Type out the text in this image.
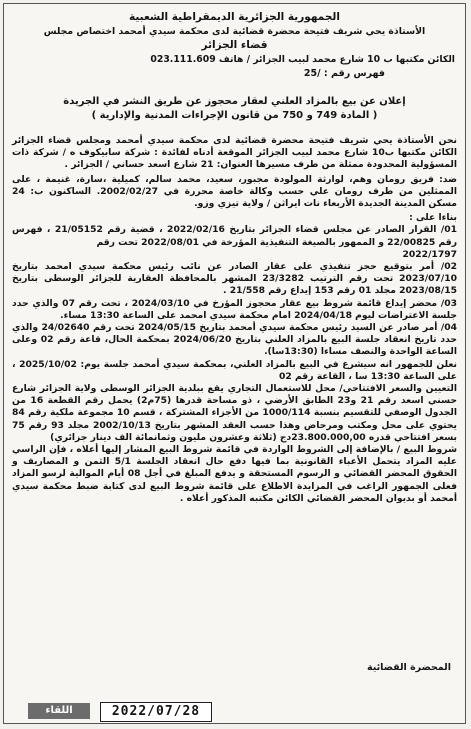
الجمهورية الجزائرية الديمقراطية الشعبية
الأستاذة يحي شريف فتيحة محضرة قضائية لدى محكمة سيدي أمحمد اختصاص مجلس
قضاء الجزائر
الكائن مكتبها ب 10 شارع محمد لبيب الجزائر / هاتف 023.111.609
فهرس رقم : /25
إعلان عن بيع بالمزاد العلني لعقار محجوز عن طريق النشر في الجريدة
( المادة 749 و 750 من قانون الإجراءات المدنية والإدارية )

نحن الأستاذة يحي شريف فتيحة محضرة قضائية لدى محكمة سيدي أمحمد ومجلس قضاء الجزائر الكائن مكتبها ب10 شارع محمد لبيب الجزائر الموقعة أدناه لفائدة : شركة سابيكوف ه / شركة ذات المسؤولية المحدودة ممثلة من طرف مسيرها العنوان: 21 شارع اسعد حساني / الجزائر .

ضد: فريق رومان وهم، لوارثة المولودة مجبور، سعيد، محمد سالم، كميلية ،سارة، غنيمة ، على الممثلين من طرف رومان علي حسب وكالة خاصة محررة في 2002/02/27. الساكنون ب: 24 مسكن المدينة الجديدة الأربعاء نات ايراثن / ولاية تيزي وزو.

بناءا على :

01/ القرار الصادر عن مجلس قضاء الجزائر بتاريخ 2022/02/16 ، قضية رقم 21/05152 ، فهرس رقم 22/00825 و الممهور بالصيغة التنفيذية المؤرخة في 2022/08/01 تحت رقم

2022/1797

02/ أمر بتوقيع حجز تنفيذي على عقار الصادر عن نائب رئيس محكمة سيدي امحمد بتاريخ 2023/07/10 تحت رقم الترتيب 23/3282 المشهر بالمحافظة العقارية للجزائر الوسطى بتاريخ 2023/08/15 مجلد 01 رقم 153 إيداع رقم 21/558 .

03/ محضر إيداع قائمة شروط بيع عقار محجوز المؤرخ في 2024/03/10 ، تحت رقم 07 والذي حدد جلسة الاعتراضات ليوم 2024/04/18 امام محكمة سيدي امحمد على الساعة 13:30 مساء.

04/ أمر صادر عن السيد رئيس محكمة سيدي أمحمد بتاريخ 2024/05/15 تحت رقم 24/02640 والذي حدد تاريخ انعقاد جلسة البيع بالمزاد العلني بتاريخ 2024/06/20 بمحكمة الحال، قاعة رقم 02 وعلى الساعة الواحدة والنصف مساءا (13:30سا).

نعلن للجمهور انه سيشرع في البيع بالمزاد العلني، بمحكمة سيدي أمحمد جلسة يوم: 2025/10/02 ، على الساعة 13:30 سا ، القاعة رقم 02

التعيين والسعر الافتتاحي/ محل للاستعمال التجاري يقع ببلدية الجزائر الوسطى ولاية الجزائر شارع حسني اسعد رقم 21 و23 الطابق الأرضي ، ذو مساحة قدرها (75م2) يحمل رقم القطعة 16 من الجدول الوصفي للتقسيم بنسبة 1000/114 من الأجزاء المشتركة ، قسم 10 مجموعة ملكية رقم 84 يحتوي على محل ومكتب ومرحاض وهذا حسب العقد المشهر بتاريخ 2002/10/13 مجلد 93 رقم 75 بسعر افتتاحي قدره 23.800.000,00دج (ثلاثة وعشرون مليون وثمانمائة الف دينار جزائري)

شروط البيع / بالإضافة إلى الشروط الواردة في قائمة شروط البيع المشار إليها أعلاه ، فإن الراسي عليه المزاد يتحمل الأعباء القانونية بما فيها دفع حال انعقاد الجلسة 5/1 الثمن و المصاريف و الحقوق المحضر القضائي و الرسوم المستحقة و يدفع المبلغ في أجل 08 أيام الموالية لرسو المزاد فعلى الجمهور الراغب في المزايدة الاطلاع على قائمة شروط البيع لدى كتابة ضبط محكمة سيدي أمحمد أو بديوان المحضر القضائي الكائن مكتبه المذكور أعلاه .

المحضرة القضائية
اللقاء	2022/07/28
